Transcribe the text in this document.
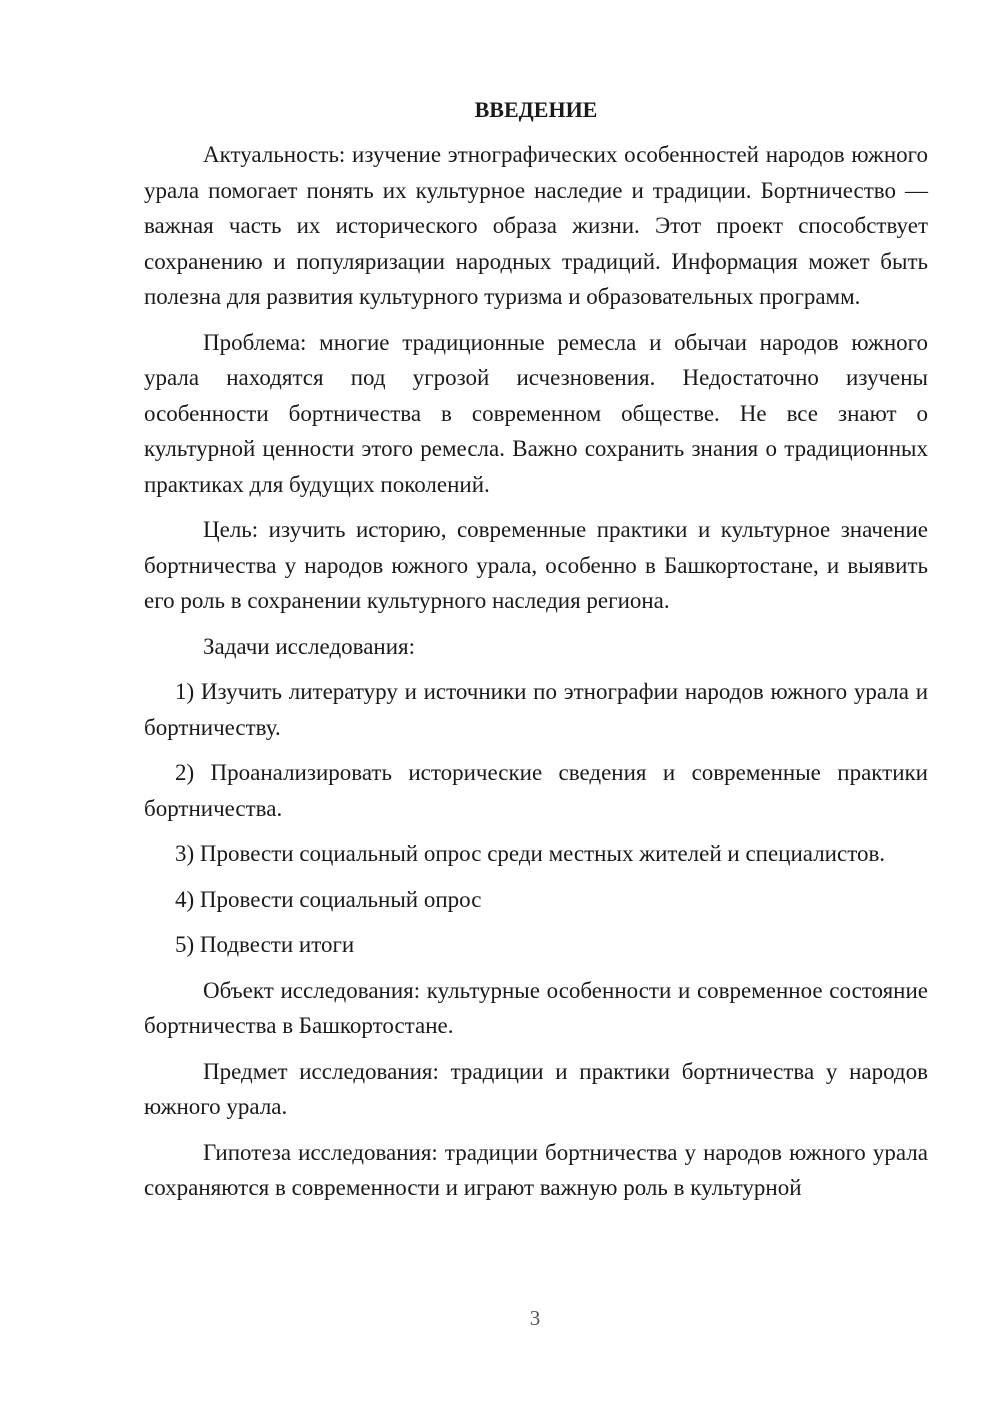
ВВЕДЕНИЕ

Актуальность: изучение этнографических особенностей народов южного урала помогает понять их культурное наследие и традиции. Бортничество — важная часть их исторического образа жизни. Этот проект способствует сохранению и популяризации народных традиций. Информация может быть полезна для развития культурного туризма и образовательных программ.

Проблема: многие традиционные ремесла и обычаи народов южного урала находятся под угрозой исчезновения. Недостаточно изучены особенности бортничества в современном обществе. Не все знают о культурной ценности этого ремесла. Важно сохранить знания о традиционных практиках для будущих поколений.

Цель: изучить историю, современные практики и культурное значение бортничества у народов южного урала, особенно в Башкортостане, и выявить его роль в сохранении культурного наследия региона.

Задачи исследования:

1) Изучить литературу и источники по этнографии народов южного урала и бортничеству.

2) Проанализировать исторические сведения и современные практики бортничества.

3) Провести социальный опрос среди местных жителей и специалистов.

4) Провести социальный опрос

5) Подвести итоги

Объект исследования: культурные особенности и современное состояние бортничества в Башкортостане.

Предмет исследования: традиции и практики бортничества у народов южного урала.

Гипотеза исследования: традиции бортничества у народов южного урала сохраняются в современности и играют важную роль в культурной

3
